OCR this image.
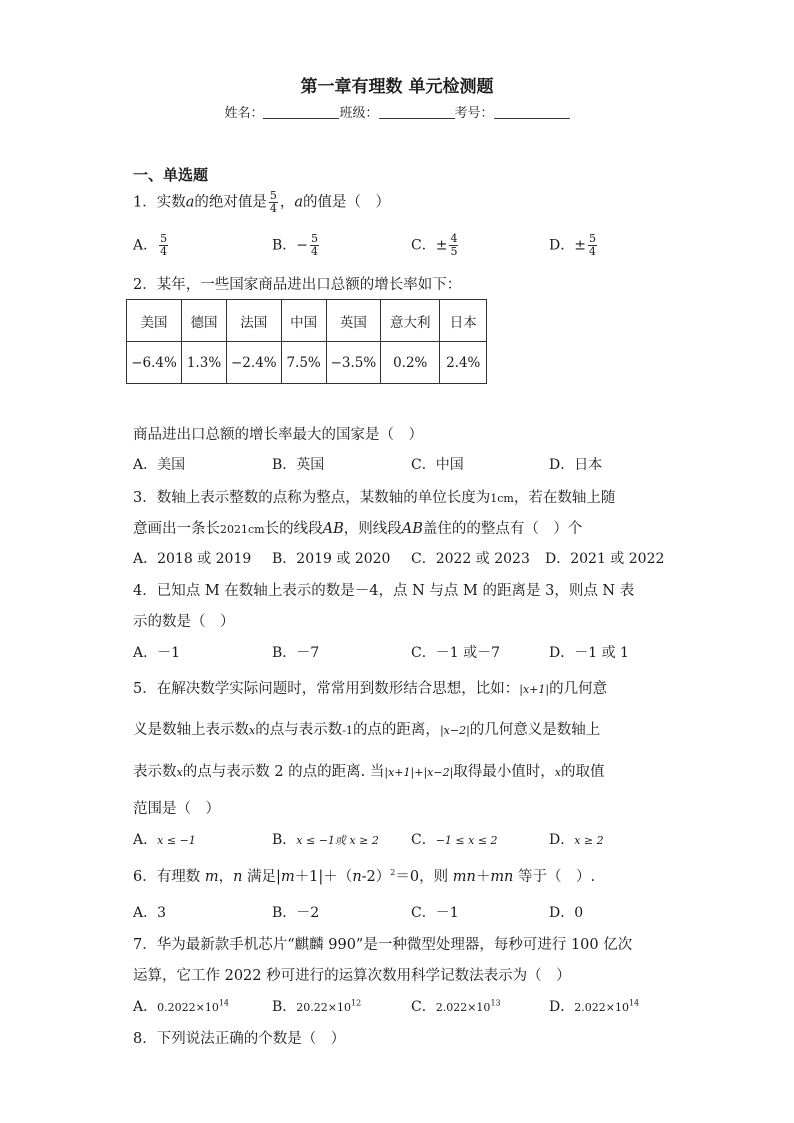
第一章有理数 单元检测题
姓名：	班级：	考号：
一、单选题
1．实数a的绝对值是 $\frac{5}{4}$ ，a的值是（　）
A． $\frac{5}{4}$	B．− $\frac{5}{4}$	C．± $\frac{4}{5}$	D．± $\frac{5}{4}$
2．某年，一些国家商品进出口总额的增长率如下：
美国	德国	法国	中国	英国	意大利	日本
−6.4%	1.3%	−2.4%	7.5%	−3.5%	0.2%	2.4%
商品进出口总额的增长率最大的国家是（　）
A．美国	B．英国	C．中国	D．日本
3．数轴上表示整数的点称为整点，某数轴的单位长度为1cm，若在数轴上随
意画出一条长2021cm长的线段AB，则线段AB盖住的的整点有（　）个
A．2018 或 2019 B．2019 或 2020 C．2022 或 2023 D．2021 或 2022
4．已知点 M 在数轴上表示的数是－4，点 N 与点 M 的距离是 3，则点 N 表
示的数是（　）
A．－1	B．－7	C．－1 或－7	D．－1 或 1
5．在解决数学实际问题时，常常用到数形结合思想，比如：|x+1|的几何意
义是数轴上表示数x的点与表示数-1的点的距离，|x−2|的几何意义是数轴上
表示数x的点与表示数 2 的点的距离. 当|x+1|+|x−2|取得最小值时，x的取值
范围是（　）
A．x ≤ −1	B．x ≤ −1或 x ≥ 2 C．−1 ≤ x ≤ 2	D．x ≥ 2
6．有理数 m，n 满足$|m+1|+(n-2)^2=0$，则 mn＋mn 等于（　）.
A．3	B．－2	C．－1	D．0
7．华为最新款手机芯片“麒麟 990”是一种微型处理器，每秒可进行 100 亿次
运算，它工作 2022 秒可进行的运算次数用科学记数法表示为（　）
A．$0.2022\times 10^{14}$	B．$20.22\times 10^{12}$	C．$2.022\times 10^{13}$	D．$2.022\times 10^{14}$
8．下列说法正确的个数是（　）
